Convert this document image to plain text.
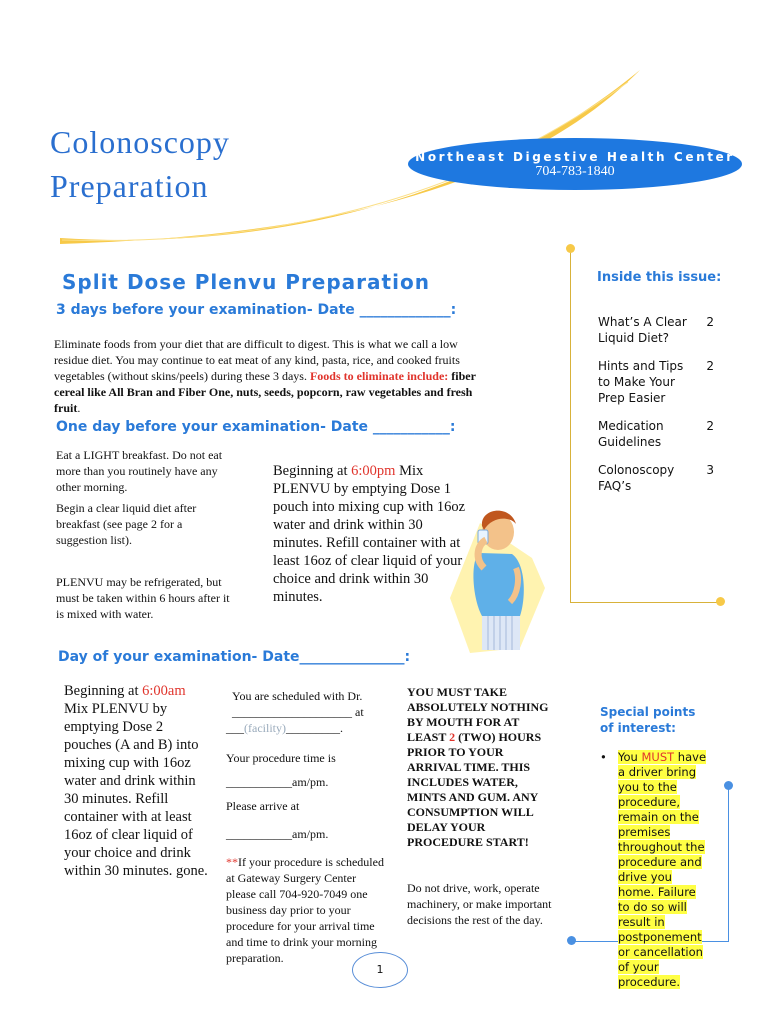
Colonoscopy
Preparation
Northeast Digestive Health Center
704-783-1840
Inside this issue:
What’s A Clear Liquid Diet?
2
Hints and Tips to Make Your Prep Easier
2
Medication Guidelines
2
Colonoscopy FAQ’s
3
Split Dose Plenvu Preparation
3 days before your examination- Date _____________:

Eliminate foods from your diet that are difficult to digest. This is what we call a low residue diet. You may continue to eat meat of any kind, pasta, rice, and cooked fruits vegetables (without skins/peels) during these 3 days. Foods to eliminate include: fiber cereal like All Bran and Fiber One, nuts, seeds, popcorn, raw vegetables and fresh fruit.

One day before your examination- Date ___________:

Eat a LIGHT breakfast. Do not eat more than you routinely have any other morning.

Begin a clear liquid diet after breakfast (see page 2 for a suggestion list).

PLENVU may be refrigerated, but must be taken within 6 hours after it is mixed with water.

Beginning at 6:00pm Mix PLENVU by emptying Dose 1 pouch into mixing cup with 16oz water and drink within 30 minutes. Refill container with at least 16oz of clear liquid of your choice and drink within 30 minutes.

Day of your examination- Date_______________:

Beginning at 6:00am Mix PLENVU by emptying Dose 2 pouches (A and B) into mixing cup with 16oz water and drink within 30 minutes. Refill container with at least 16oz of clear liquid of your choice and drink within 30 minutes. gone.

You are scheduled with Dr. ____________________ at

___(facility)_________.

Your procedure time is

___________am/pm.

Please arrive at

___________am/pm.

**If your procedure is scheduled at Gateway Surgery Center please call 704-920-7049 one business day prior to your procedure for your arrival time and time to drink your morning preparation.

YOU MUST TAKE ABSOLUTELY NOTHING BY MOUTH FOR AT LEAST 2 (TWO) HOURS PRIOR TO YOUR ARRIVAL TIME. THIS INCLUDES WATER, MINTS AND GUM. ANY CONSUMPTION WILL DELAY YOUR PROCEDURE START!

Do not drive, work, operate machinery, or make important decisions the rest of the day.

Special points of interest:
• You MUST have a driver bring you to the procedure, remain on the premises throughout the procedure and drive you home. Failure to do so will result in postponement or cancellation of your procedure.
1
